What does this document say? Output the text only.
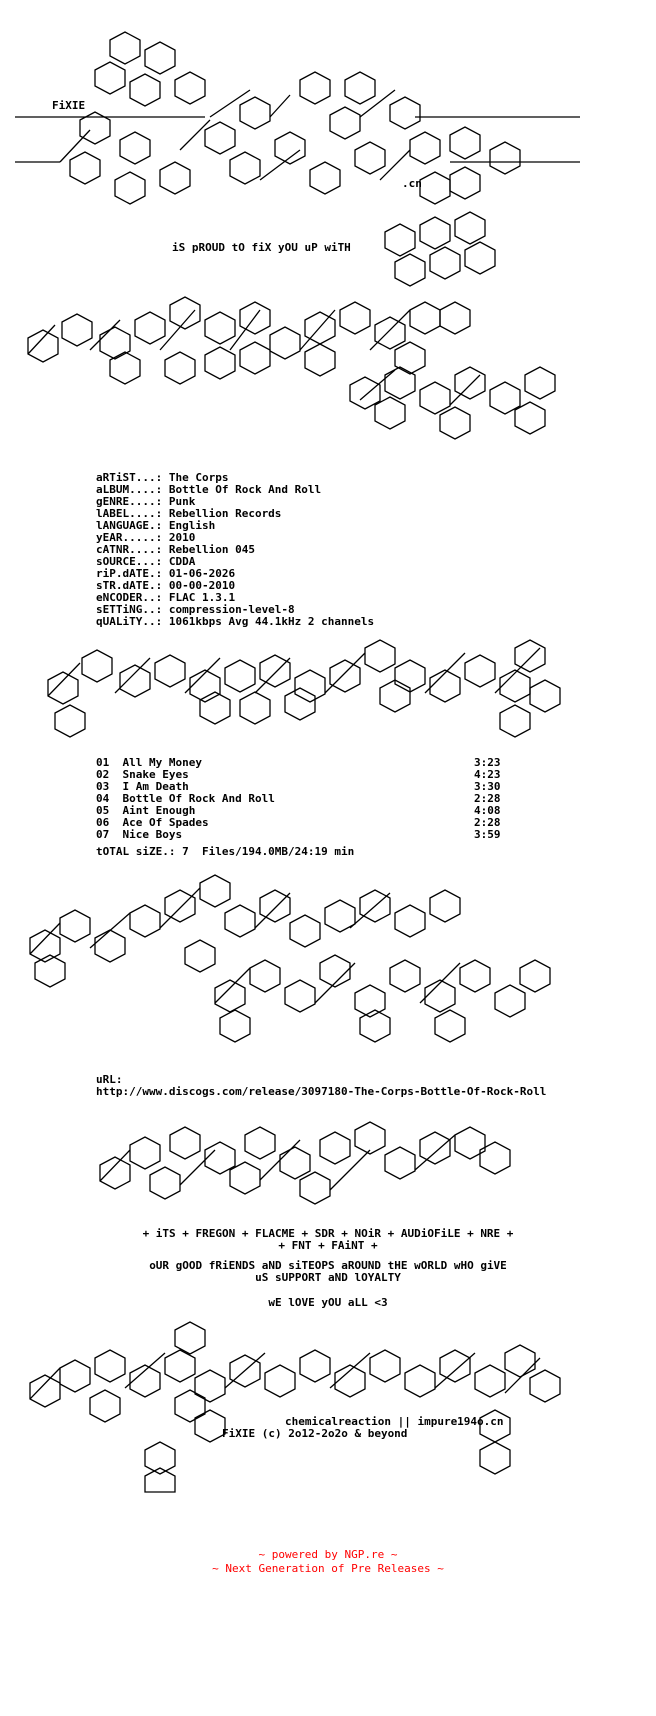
FiXIE
.cn
iS pROUD tO fiX yOU uP wiTH

aRTiST...: The Corps
aLBUM....: Bottle Of Rock And Roll
gENRE....: Punk
lABEL....: Rebellion Records
lANGUAGE.: English
yEAR.....: 2010
cATNR....: Rebellion 045
sOURCE...: CDDA
riP.dATE.: 01-06-2026
sTR.dATE.: 00-00-2010

eNCODER..: FLAC 1.3.1
sETTiNG..: compression-level-8
qUALiTY..: 1061kbps Avg 44.1kHz 2 channels

01 All My Money	3:23
02 Snake Eyes	4:23
03 I Am Death	3:30
04 Bottle Of Rock And Roll	2:28
05 Aint Enough	4:08
06 Ace Of Spades	2:28
07 Nice Boys	3:59
tOTAL siZE.: 7  Files/194.0MB/24:19 min
uRL:
http://www.discogs.com/release/3097180-The-Corps-Bottle-Of-Rock-Roll
+ iTS + FREGON + FLACME + SDR + NOiR + AUDiOFiLE + NRE +
+ FNT + FAiNT +
oUR gOOD fRiENDS aND siTEOPS aROUND tHE wORLD wHO giVE
uS sUPPORT aND lOYALTY
wE lOVE yOU aLL <3
chemicalreaction || impure194o.cn
FiXIE (c) 2o12-2o2o & beyond
~ powered by NGP.re ~
~ Next Generation of Pre Releases ~
